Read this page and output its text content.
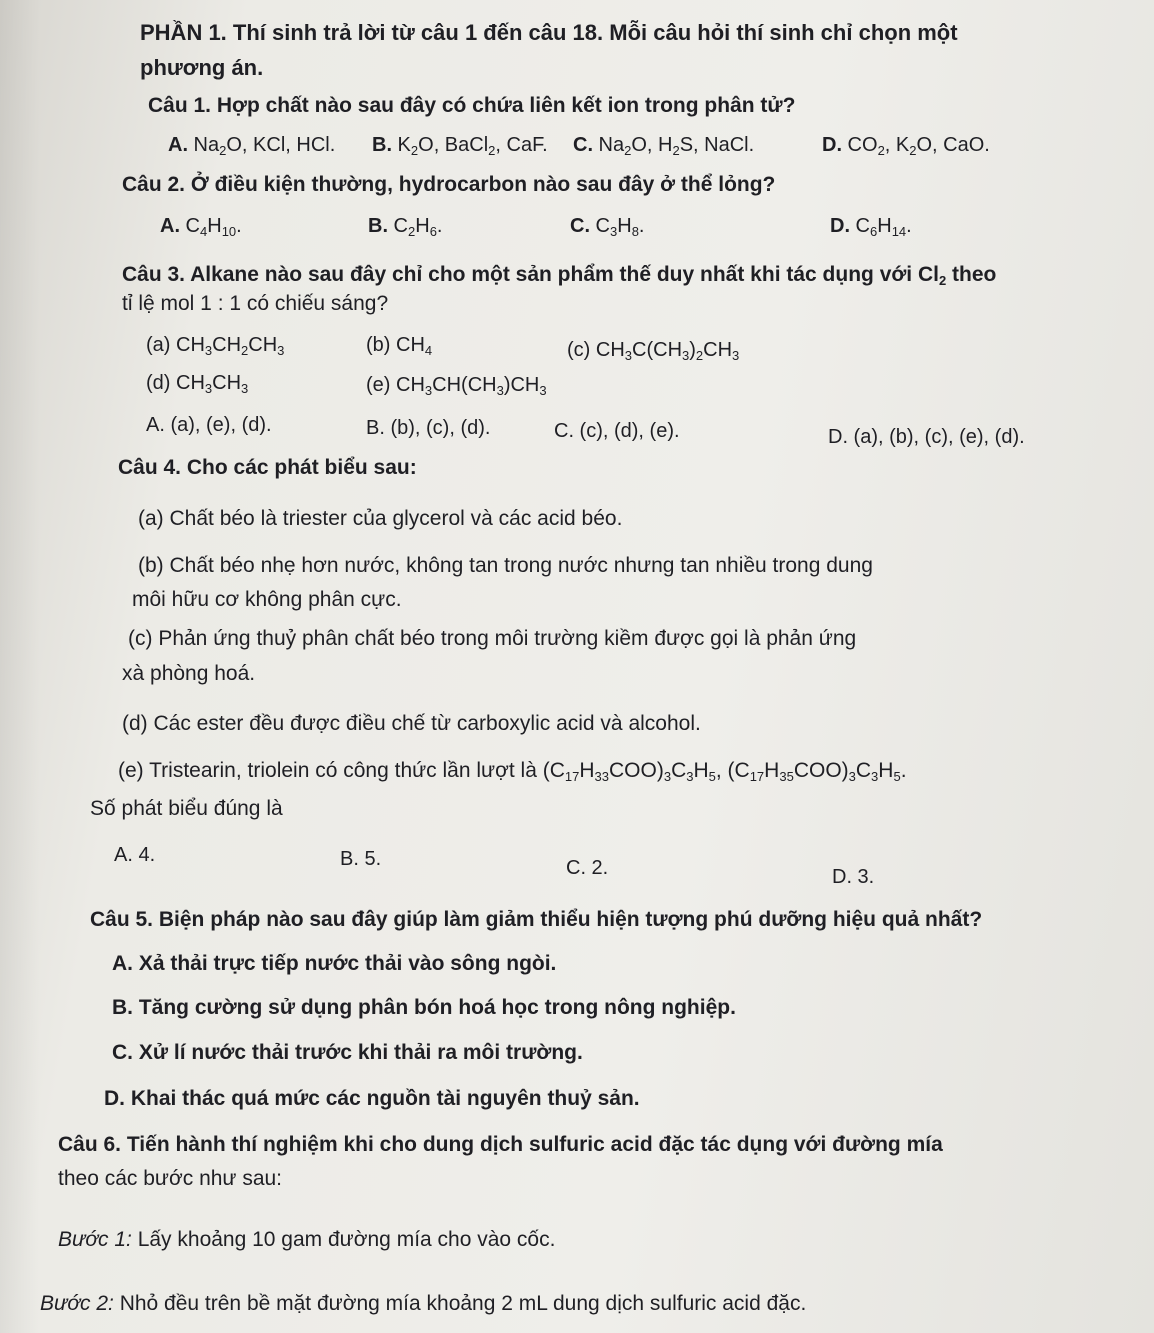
PHẦN 1. Thí sinh trả lời từ câu 1 đến câu 18. Mỗi câu hỏi thí sinh chỉ chọn một
phương án.
Câu 1. Hợp chất nào sau đây có chứa liên kết ion trong phân tử?
A. $Na_2O$, KCl, HCl. B. $K_2O$, BaCl$_2$, CaF. C. $Na_2O$, $H_2S$, NaCl.	D. $CO_2$, $K_2O$, CaO.
Câu 2. Ở điều kiện thường, hydrocarbon nào sau đây ở thể lỏng?
A. $C_4H_{10}$.	B. $C_2H_6$.	C. $C_3H_8$.	D. $C_6H_{14}$.
Câu 3. Alkane nào sau đây chỉ cho một sản phẩm thế duy nhất khi tác dụng với $Cl_2$ theo
tỉ lệ mol 1 : 1 có chiếu sáng?
(a) $CH_3CH_2CH_3$	(b) $CH_4$	(c) $CH_3C(CH_3)_2CH_3$
(d) $CH_3CH_3$	(e) $CH_3CH(CH_3)CH_3$
A. (a), (e), (d).	B. (b), (c), (d).	C. (c), (d), (e).	D. (a), (b), (c), (e), (d).
Câu 4. Cho các phát biểu sau:
(a) Chất béo là triester của glycerol và các acid béo.
(b) Chất béo nhẹ hơn nước, không tan trong nước nhưng tan nhiều trong dung
môi hữu cơ không phân cực.
(c) Phản ứng thuỷ phân chất béo trong môi trường kiềm được gọi là phản ứng
xà phòng hoá.
(d) Các ester đều được điều chế từ carboxylic acid và alcohol.
(e) Tristearin, triolein có công thức lần lượt là $(C_{17}H_{33}COO)_3C_3H_5$, $(C_{17}H_{35}COO)_3C_3H_5$.
Số phát biểu đúng là
A. 4.	B. 5.	C. 2.	D. 3.
Câu 5. Biện pháp nào sau đây giúp làm giảm thiểu hiện tượng phú dưỡng hiệu quả nhất?
A. Xả thải trực tiếp nước thải vào sông ngòi.
B. Tăng cường sử dụng phân bón hoá học trong nông nghiệp.
C. Xử lí nước thải trước khi thải ra môi trường.
D. Khai thác quá mức các nguồn tài nguyên thuỷ sản.
Câu 6. Tiến hành thí nghiệm khi cho dung dịch sulfuric acid đặc tác dụng với đường mía
theo các bước như sau:
Bước 1: Lấy khoảng 10 gam đường mía cho vào cốc.
Bước 2: Nhỏ đều trên bề mặt đường mía khoảng 2 mL dung dịch sulfuric acid đặc.
